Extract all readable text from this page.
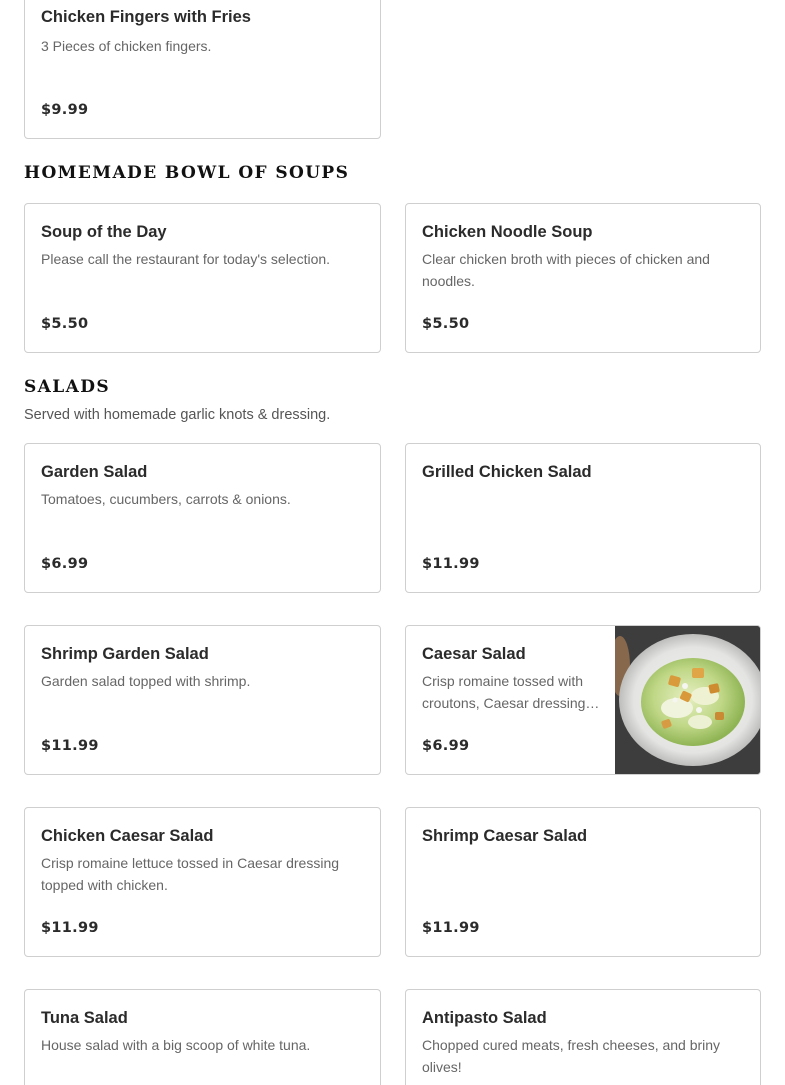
Chicken Fingers with Fries
3 Pieces of chicken fingers.
$9.99
HOMEMADE BOWL OF SOUPS
Soup of the Day
Please call the restaurant for today's selection.
$5.50
Chicken Noodle Soup
Clear chicken broth with pieces of chicken and noodles.
$5.50
SALADS
Served with homemade garlic knots & dressing.
Garden Salad
Tomatoes, cucumbers, carrots & onions.
$6.99
Grilled Chicken Salad
$11.99
Shrimp Garden Salad
Garden salad topped with shrimp.
$11.99
Caesar Salad
Crisp romaine tossed with croutons, Caesar dressing…
$6.99
Chicken Caesar Salad
Crisp romaine lettuce tossed in Caesar dressing topped with chicken.
$11.99
Shrimp Caesar Salad
$11.99
Tuna Salad
House salad with a big scoop of white tuna.
Antipasto Salad
Chopped cured meats, fresh cheeses, and briny olives!
